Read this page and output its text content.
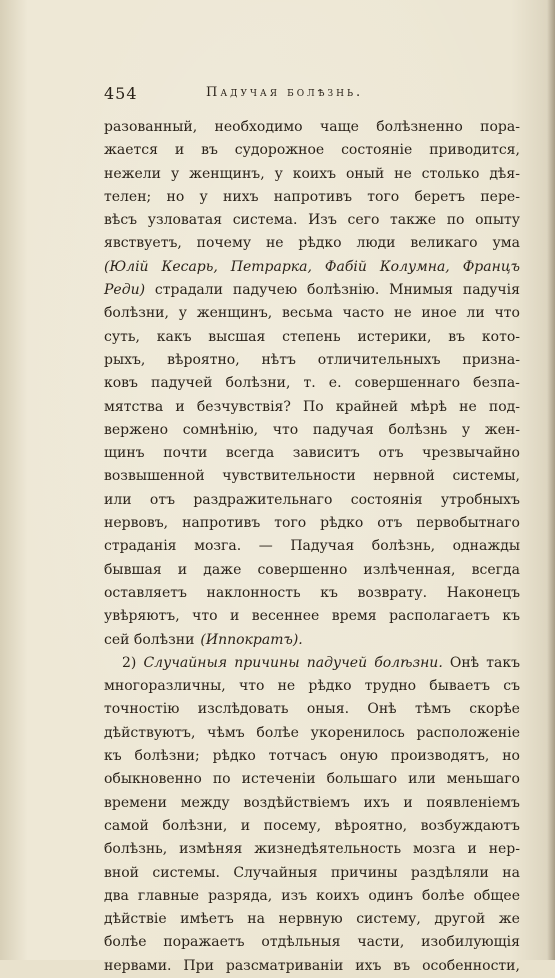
454	Падучая болѣзнь.
разованный, необходимо чаще болѣзненно пора-
жается и въ судорожное состояніе приводится,
нежели у женщинъ, у коихъ оный не столько дѣя-
телен; но у нихъ напротивъ того беретъ пере-
вѣсъ узловатая система. Изъ сего также по опыту
явствуетъ, почему не рѣдко люди великаго ума
(Юлій Кесарь, Петрарка, Фабій Колумна, Францъ
Реди) страдали падучею болѣзнію. Мнимыя падучія
болѣзни, у женщинъ, весьма часто не иное ли что
суть, какъ высшая степень истерики, въ кото-
рыхъ, вѣроятно, нѣтъ отличительныхъ призна-
ковъ падучей болѣзни, т. е. совершеннаго безпа-
мятства и безчувствія? По крайней мѣрѣ не под-
вержено сомнѣнію, что падучая болѣзнь у жен-
щинъ почти всегда зависитъ отъ чрезвычайно
возвышенной чувствительности нервной системы,
или отъ раздражительнаго состоянія утробныхъ
нервовъ, напротивъ того рѣдко отъ первобытнаго
страданія мозга. — Падучая болѣзнь, однажды
бывшая и даже совершенно излѣченная, всегда
оставляетъ наклонность къ возврату. Наконецъ
увѣряютъ, что и весеннее время располагаетъ къ
сей болѣзни (Иппократъ).
2) Случайныя причины падучей болѣзни. Онѣ такъ
многоразличны, что не рѣдко трудно бываетъ съ
точностію изслѣдовать оныя. Онѣ тѣмъ скорѣе
дѣйствуютъ, чѣмъ болѣе укоренилось расположеніе
къ болѣзни; рѣдко тотчасъ оную производятъ, но
обыкновенно по истеченіи большаго или меньшаго
времени между воздѣйствіемъ ихъ и появленіемъ
самой болѣзни, и посему, вѣроятно, возбуждаютъ
болѣзнь, измѣняя жизнедѣятельность мозга и нер-
вной системы. Случайныя причины раздѣляли на
два главные разряда, изъ коихъ одинъ болѣе общее
дѣйствіе имѣетъ на нервную систему, другой же
болѣе поражаетъ отдѣльныя части, изобилующія
нервами. При разсматриваніи ихъ въ особенности,
